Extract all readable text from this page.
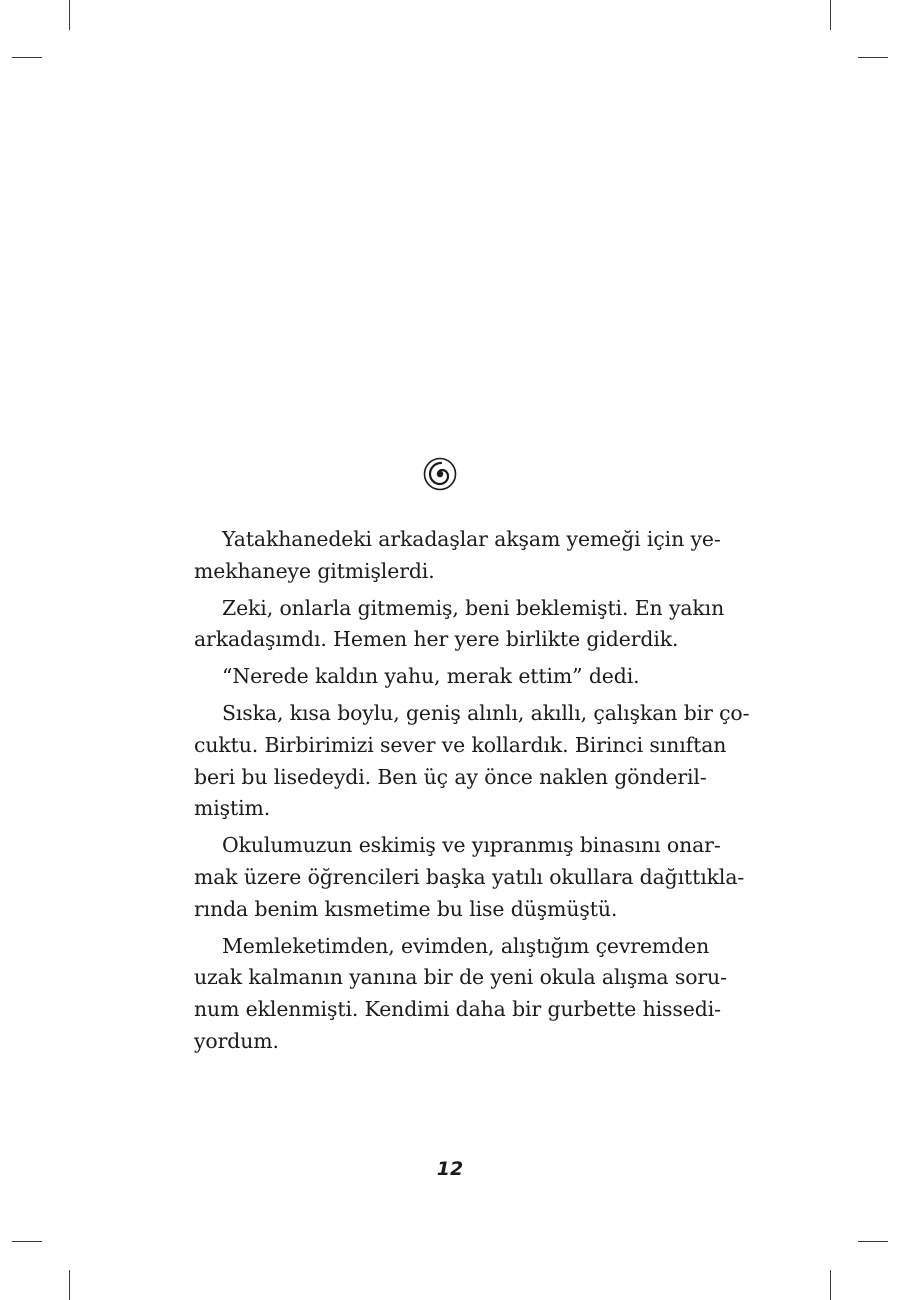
Yatakhanedeki arkadaşlar akşam yemeği için ye-
mekhaneye gitmişlerdi.

Zeki, onlarla gitmemiş, beni beklemişti. En yakın
arkadaşımdı. Hemen her yere birlikte giderdik.

“Nerede kaldın yahu, merak ettim” dedi.

Sıska, kısa boylu, geniş alınlı, akıllı, çalışkan bir ço-
cuktu. Birbirimizi sever ve kollardık. Birinci sınıftan
beri bu lisedeydi. Ben üç ay önce naklen gönderil-
miştim.

Okulumuzun eskimiş ve yıpranmış binasını onar-
mak üzere öğrencileri başka yatılı okullara dağıttıkla-
rında benim kısmetime bu lise düşmüştü.

Memleketimden, evimden, alıştığım çevremden
uzak kalmanın yanına bir de yeni okula alışma soru-
num eklenmişti. Kendimi daha bir gurbette hissedi-
yordum.

12
